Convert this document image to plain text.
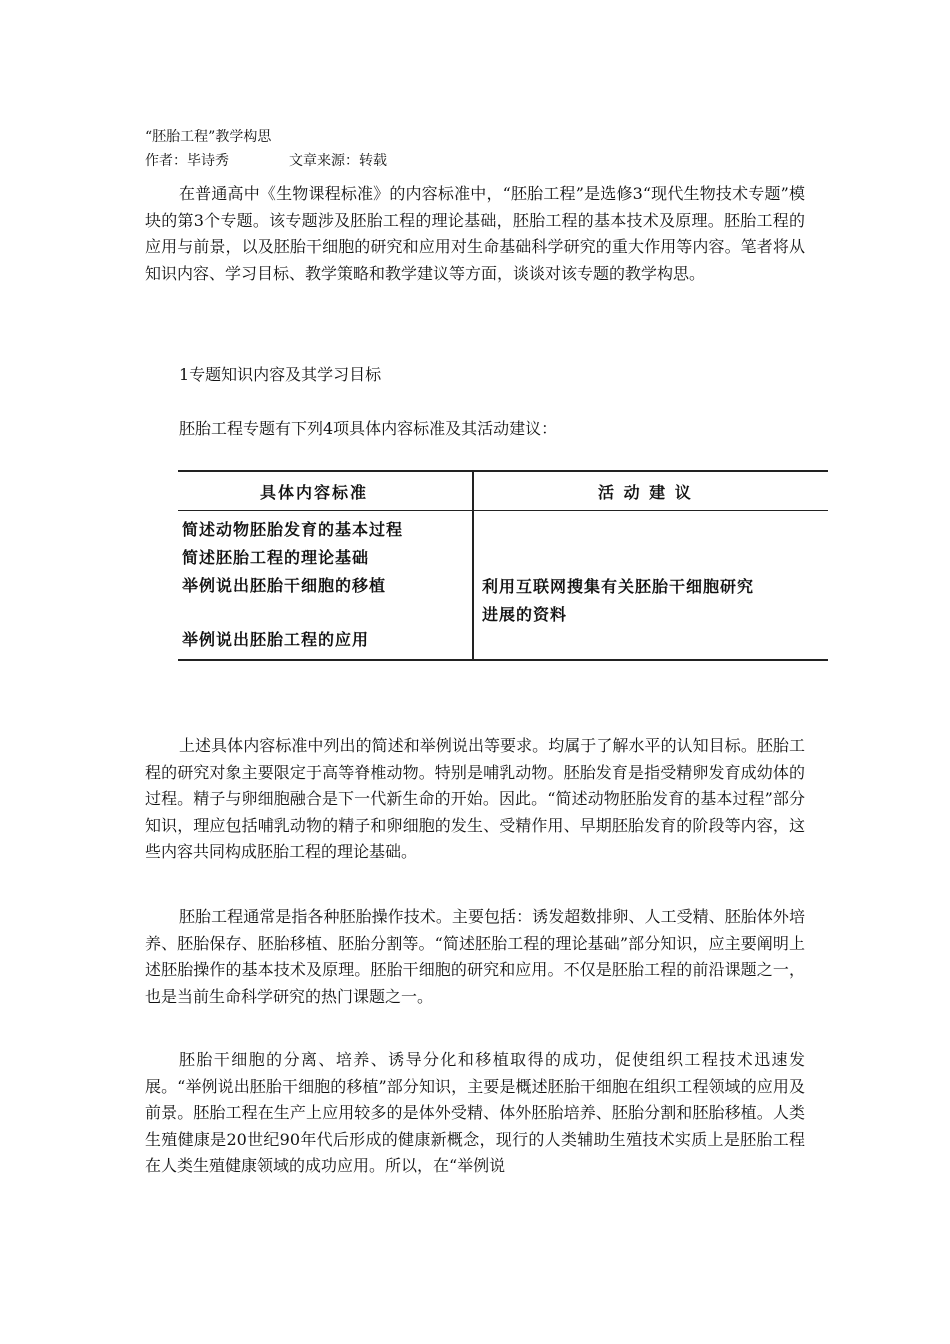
“胚胎工程”教学构思
作者：毕诗秀	文章来源：转载

在普通高中《生物课程标准》的内容标准中，“胚胎工程”是选修3“现代生物技术专题”模块的第3个专题。该专题涉及胚胎工程的理论基础，胚胎工程的基本技术及原理。胚胎工程的应用与前景，以及胚胎干细胞的研究和应用对生命基础科学研究的重大作用等内容。笔者将从知识内容、学习目标、教学策略和教学建议等方面，谈谈对该专题的教学构思。

1专题知识内容及其学习目标

胚胎工程专题有下列4项具体内容标准及其活动建议：

具体内容标准	活 动 建 议
简述动物胚胎发育的基本过程
简述胚胎工程的理论基础
举例说出胚胎干细胞的移植
举例说出胚胎工程的应用
利用互联网搜集有关胚胎干细胞研究
进展的资料

上述具体内容标准中列出的简述和举例说出等要求。均属于了解水平的认知目标。胚胎工程的研究对象主要限定于高等脊椎动物。特别是哺乳动物。胚胎发育是指受精卵发育成幼体的过程。精子与卵细胞融合是下一代新生命的开始。因此。“简述动物胚胎发育的基本过程”部分知识，理应包括哺乳动物的精子和卵细胞的发生、受精作用、早期胚胎发育的阶段等内容，这些内容共同构成胚胎工程的理论基础。

胚胎工程通常是指各种胚胎操作技术。主要包括：诱发超数排卵、人工受精、胚胎体外培养、胚胎保存、胚胎移植、胚胎分割等。“简述胚胎工程的理论基础”部分知识，应主要阐明上述胚胎操作的基本技术及原理。胚胎干细胞的研究和应用。不仅是胚胎工程的前沿课题之一，也是当前生命科学研究的热门课题之一。

胚胎干细胞的分离、培养、诱导分化和移植取得的成功，促使组织工程技术迅速发展。“举例说出胚胎干细胞的移植”部分知识，主要是概述胚胎干细胞在组织工程领域的应用及前景。胚胎工程在生产上应用较多的是体外受精、体外胚胎培养、胚胎分割和胚胎移植。人类生殖健康是20世纪90年代后形成的健康新概念，现行的人类辅助生殖技术实质上是胚胎工程在人类生殖健康领域的成功应用。所以，在“举例说
